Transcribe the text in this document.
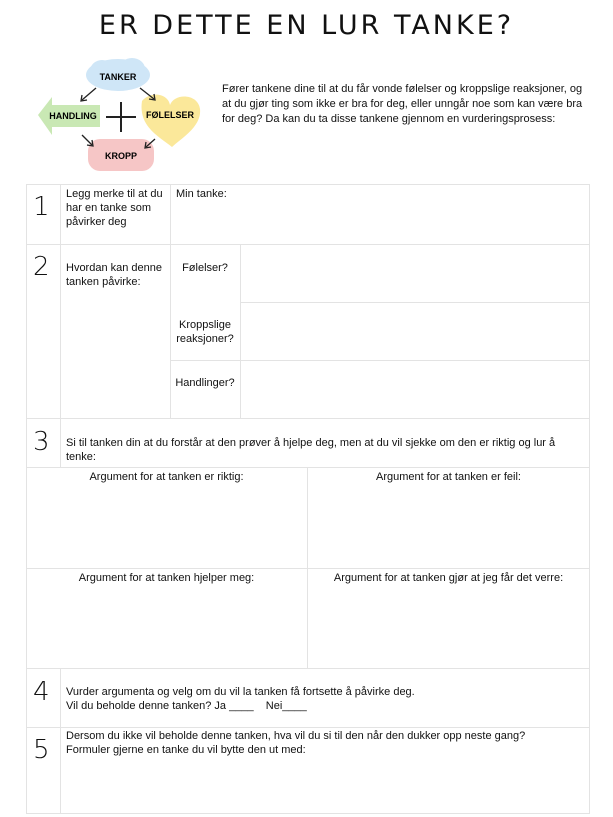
ER DETTE EN LUR TANKE?
TANKER
HANDLING	FØLELSER
KROPP
Fører tankene dine til at du får vonde følelser og kroppslige reaksjoner, og at du gjør ting som ikke er bra for deg, eller unngår noe som kan være bra for deg? Da kan du ta disse tankene gjennom en vurderingsprosess:
1 Legg merke til at du har en tanke som påvirker deg
Min tanke:
2 Hvordan kan denne tanken påvirke:
Følelser?
Kroppslige reaksjoner?
Handlinger?
3 Si til tanken din at du forstår at den prøver å hjelpe deg, men at du vil sjekke om den er riktig og lur å tenke:
Argument for at tanken er riktig:	Argument for at tanken er feil:
Argument for at tanken hjelper meg:	Argument for at tanken gjør at jeg får det verre:
4 Vurder argumenta og velg om du vil la tanken få fortsette å påvirke deg.
Vil du beholde denne tanken? Ja ____    Nei____
5 Dersom du ikke vil beholde denne tanken, hva vil du si til den når den dukker opp neste gang?
Formuler gjerne en tanke du vil bytte den ut med:
